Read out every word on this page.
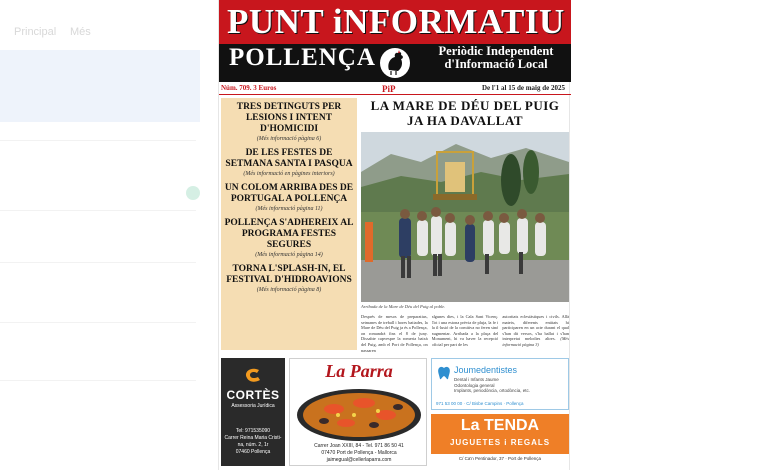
Principal Més	PUNT iNFORMATIU
POLLENÇA	Periòdic Independent
d'Informació Local
PiP
Núm. 709. 3 Euros	De l'1 al 15 de maig de 2025
TRES DETINGUTS PER LESIONS I INTENT D'HOMICIDI
(Més informació pàgina 6)
DE LES FESTES DE SETMANA SANTA I PASQUA
(Més informació en pàgines interiors)
UN COLOM ARRIBA DES DE PORTUGAL A POLLENÇA
(Més informació pàgina 11)
POLLENÇA S'ADHEREIX AL PROGRAMA FESTES SEGURES
(Més informació pàgina 14)
TORNA L'SPLASH-IN, EL FESTIVAL D'HIDROAVIONS
(Més informació pàgina 8)
LA MARE DE DÉU DEL PUIG
JA HA DAVALLAT
Arribada de la Mare de Déu del Puig al poble.
Després de mesos de preparatius, setmanes de treball i hores batiades, la Mare de Déu del Puig ja és a Pollença, on romandrà fins el 8 de juny. Dissabte capvespre la romeria baixà del Puig, amb el Port de Pollença, on passaren
algunes dies, i la Cala Sant Vicenç. Tot i una estona prèvia de pluja, la fe i la il·lusió de la comitiva no feren sinó augmentar. Arribada a la plaça del Monument, hi va haver la recepció oficial per part de les
autoritats eclesiàstiques i civils. Allà mateix, diferents entitats hi participaren en un acte durant el qual s'han dit versos, s'ha ballat i s'han interpretat melodies altres. (Més informació pàgina 3)
CORTÈS
Assessoria Jurídica
Tel: 971535090
Carrer Reina Maria Cristi-
na, núm. 2, 1r
07460 Pollença
La Parra
Carrer Joan XXIII, 84 - Tel. 971 86 50 41
07470 Port de Pollença - Mallorca
jaimegual@cellerlaparra.com
Joumedentistes
Dental i Infants Jaume
Odontologia general
Implants, periodòncia, ortodòncia, etc.
971 53 00 00 · C/ Bisbe Campins · Pollença
La TENDA
JUGUETES i REGALS
C/ Ca'n Pentinador, 37 · Port de Pollença
